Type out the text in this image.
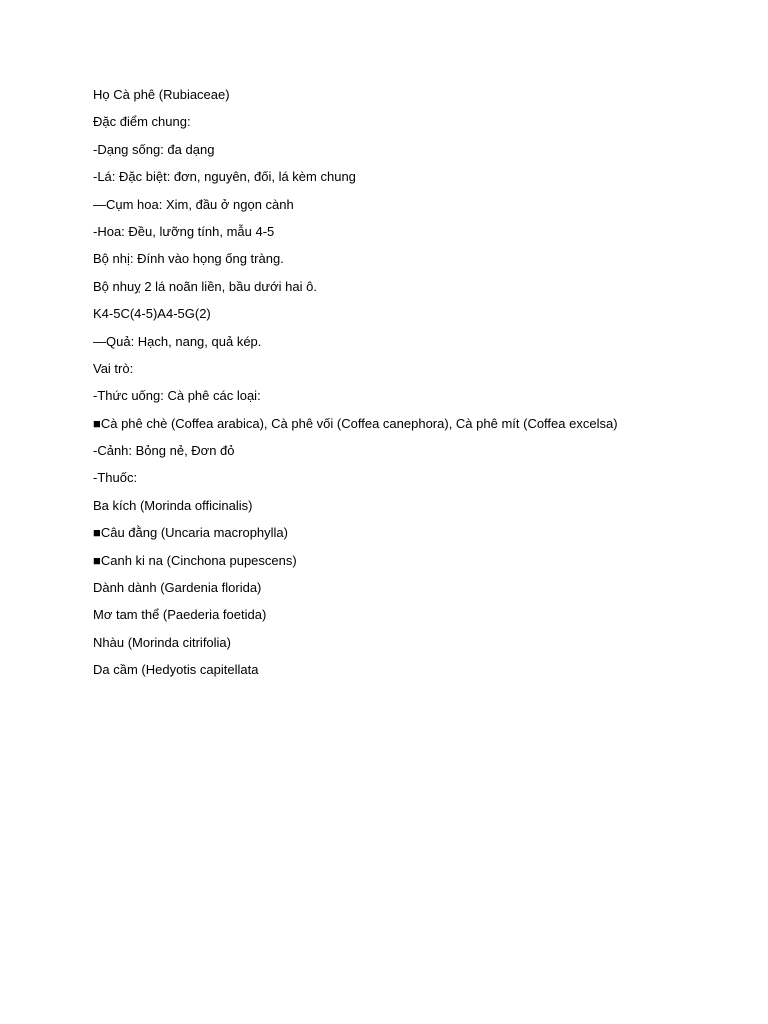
Họ Cà phê (Rubiaceae)
Đặc điểm chung:
-Dạng sống: đa dạng
-Lá: Đặc biệt: đơn, nguyên, đối, lá kèm chung
—Cụm hoa: Xim, đầu ở ngọn cành
-Hoa: Đều, lưỡng tính, mẫu 4-5
Bộ nhị: Đính vào họng ống tràng.
Bộ nhuỵ 2 lá noãn liền, bầu dưới hai ô.
K4-5C(4-5)A4-5G(2)
—Quả: Hạch, nang, quả kép.
Vai trò:
-Thức uống: Cà phê các loại:
■Cà phê chè (Coffea arabica), Cà phê vối (Coffea canephora), Cà phê mít (Coffea excelsa)
-Cảnh: Bỏng nẻ, Đơn đỏ
-Thuốc:
Ba kích (Morinda officinalis)
■Câu đằng (Uncaria macrophylla)
■Canh ki na (Cinchona pupescens)
Dành dành (Gardenia florida)
Mơ tam thể (Paederia foetida)
Nhàu (Morinda citrifolia)
Da cầm (Hedyotis capitellata
